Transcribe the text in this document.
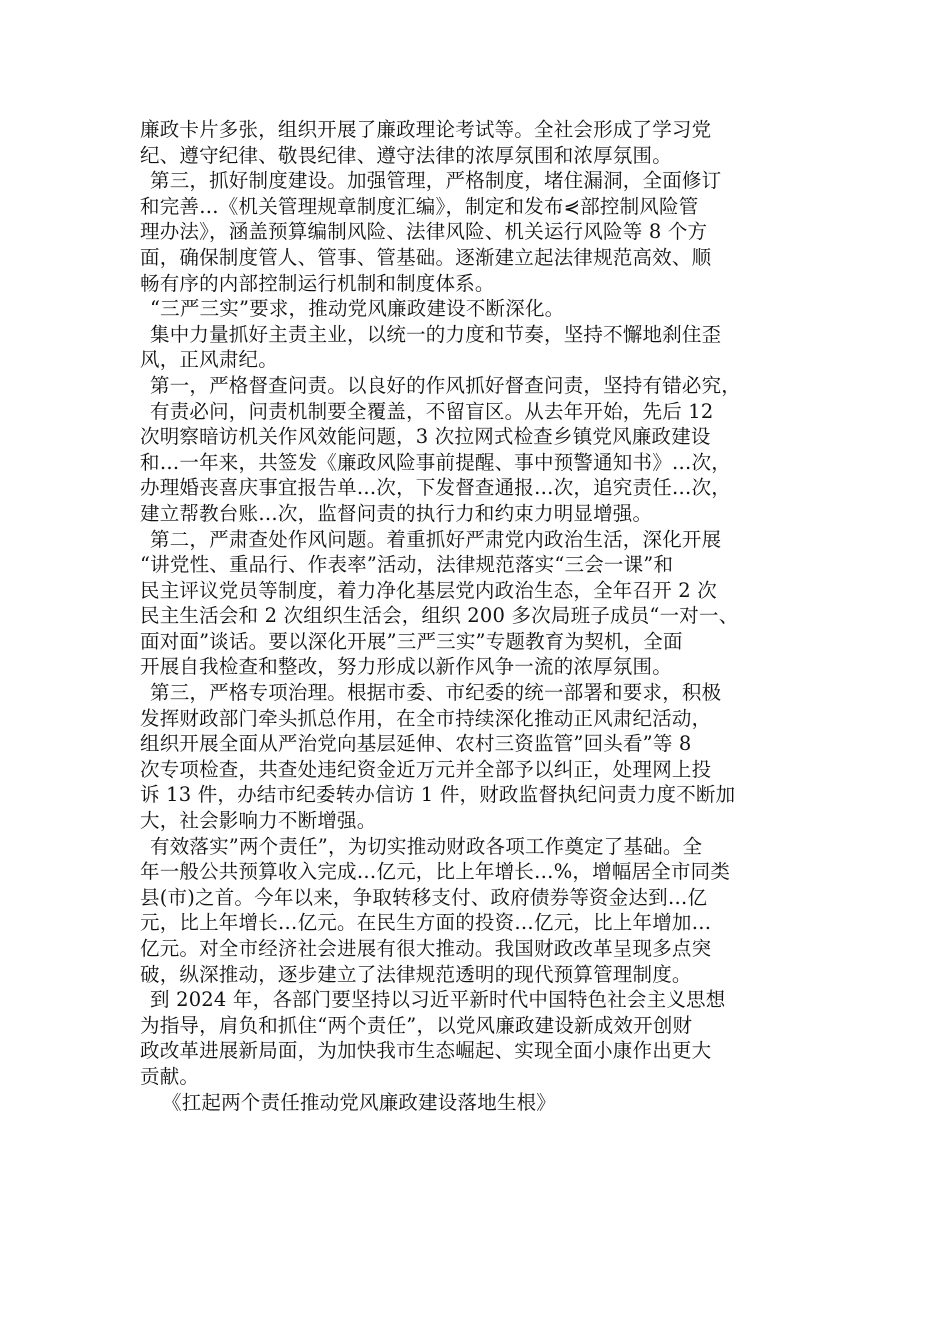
廉政卡片多张，组织开展了廉政理论考试等。全社会形成了学习党
纪、遵守纪律、敬畏纪律、遵守法律的浓厚氛围和浓厚氛围。
第三，抓好制度建设。加强管理，严格制度，堵住漏洞，全面修订
和完善…《机关管理规章制度汇编》，制定和发布⋞部控制风险管
理办法》，涵盖预算编制风险、法律风险、机关运行风险等 8 个方
面，确保制度管人、管事、管基础。逐渐建立起法律规范高效、顺
畅有序的内部控制运行机制和制度体系。
“三严三实”要求，推动党风廉政建设不断深化。
集中力量抓好主责主业，以统一的力度和节奏，坚持不懈地刹住歪
风，正风肃纪。
第一，严格督查问责。以良好的作风抓好督查问责，坚持有错必究，
有责必问，问责机制要全覆盖，不留盲区。从去年开始，先后 12
次明察暗访机关作风效能问题，3 次拉网式检查乡镇党风廉政建设
和…一年来，共签发《廉政风险事前提醒、事中预警通知书》…次，
办理婚丧喜庆事宜报告单…次，下发督查通报…次，追究责任…次，
建立帮教台账…次，监督问责的执行力和约束力明显增强。
第二，严肃查处作风问题。着重抓好严肃党内政治生活，深化开展
“讲党性、重品行、作表率”活动，法律规范落实“三会一课”和
民主评议党员等制度，着力净化基层党内政治生态，全年召开 2 次
民主生活会和 2 次组织生活会，组织 200 多次局班子成员“一对一、
面对面”谈话。要以深化开展”三严三实”专题教育为契机，全面
开展自我检查和整改，努力形成以新作风争一流的浓厚氛围。
第三，严格专项治理。根据市委、市纪委的统一部署和要求，积极
发挥财政部门牵头抓总作用，在全市持续深化推动正风肃纪活动，
组织开展全面从严治党向基层延伸、农村三资监管”回头看”等 8
次专项检查，共查处违纪资金近万元并全部予以纠正，处理网上投
诉 13 件，办结市纪委转办信访 1 件，财政监督执纪问责力度不断加
大，社会影响力不断增强。
有效落实”两个责任”，为切实推动财政各项工作奠定了基础。全
年一般公共预算收入完成…亿元，比上年增长…%，增幅居全市同类
县(市)之首。今年以来，争取转移支付、政府债券等资金达到…亿
元，比上年增长…亿元。在民生方面的投资…亿元，比上年增加…
亿元。对全市经济社会进展有很大推动。我国财政改革呈现多点突
破，纵深推动，逐步建立了法律规范透明的现代预算管理制度。
到 2024 年，各部门要坚持以习近平新时代中国特色社会主义思想
为指导，肩负和抓住“两个责任”，以党风廉政建设新成效开创财
政改革进展新局面，为加快我市生态崛起、实现全面小康作出更大
贡献。
《扛起两个责任推动党风廉政建设落地生根》
